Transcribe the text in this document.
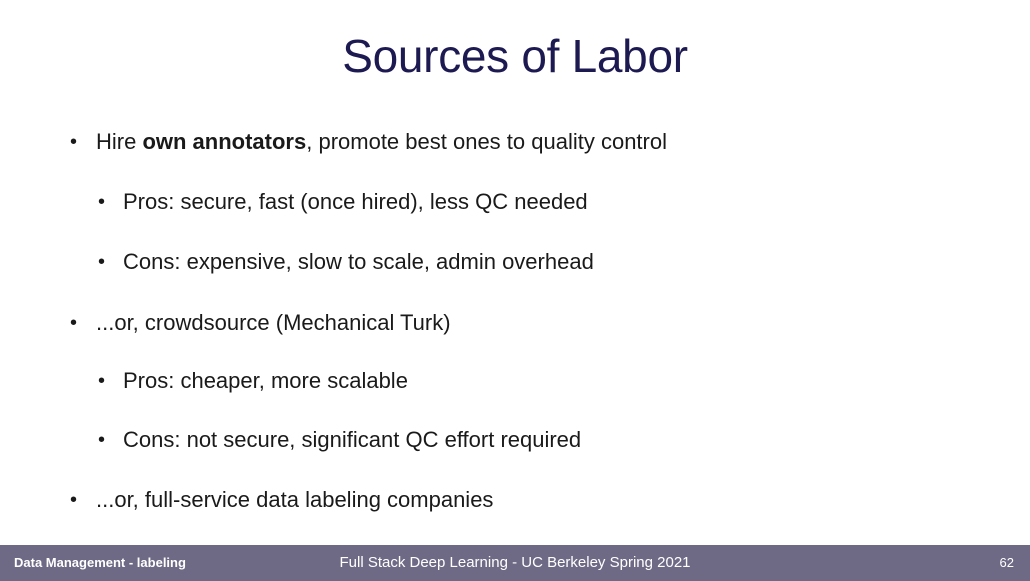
Sources of Labor
• Hire own annotators, promote best ones to quality control
• Pros: secure, fast (once hired), less QC needed
• Cons: expensive, slow to scale, admin overhead
• ...or, crowdsource (Mechanical Turk)
• Pros: cheaper, more scalable
• Cons: not secure, significant QC effort required
• ...or, full-service data labeling companies
Data Management - labeling	Full Stack Deep Learning - UC Berkeley Spring 2021	62
